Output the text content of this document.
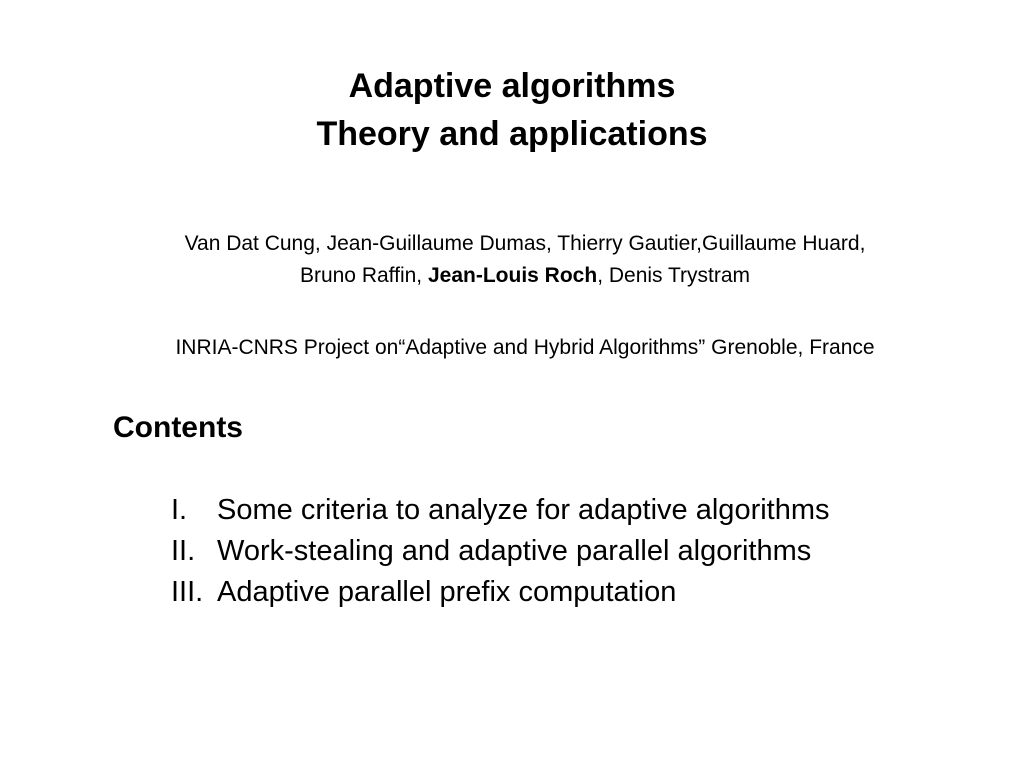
Adaptive algorithms
Theory and applications
Van Dat Cung, Jean-Guillaume Dumas, Thierry Gautier,Guillaume Huard,
Bruno Raffin, Jean-Louis Roch, Denis Trystram
INRIA-CNRS Project on“Adaptive and Hybrid Algorithms” Grenoble, France
Contents
I.	Some criteria to analyze for adaptive algorithms
II. Work-stealing and adaptive parallel algorithms
III. Adaptive parallel prefix computation
